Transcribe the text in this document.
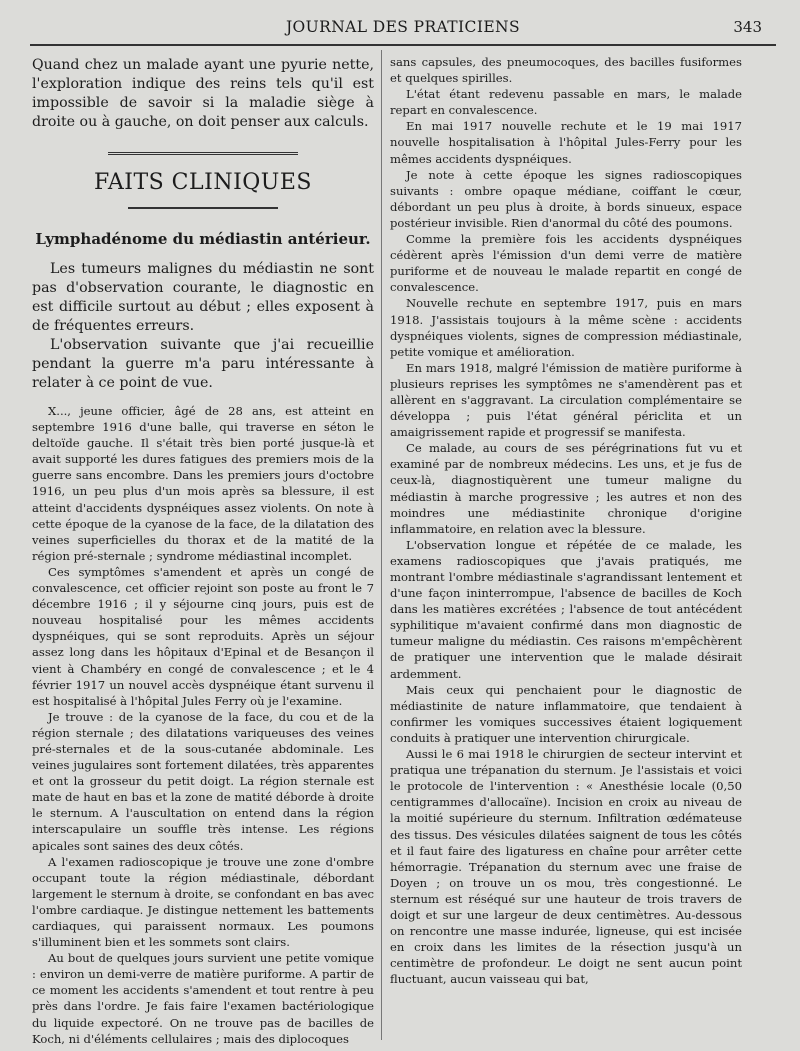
JOURNAL DES PRATICIENS	343

Quand chez un malade ayant une pyurie nette, l'exploration indique des reins tels qu'il est impossible de savoir si la maladie siège à droite ou à gauche, on doit penser aux calculs.

FAITS CLINIQUES
Lymphadénome du médiastin antérieur.

Les tumeurs malignes du médiastin ne sont pas d'observation courante, le diagnostic en est difficile surtout au début ; elles exposent à de fréquentes erreurs.

L'observation suivante que j'ai recueillie pendant la guerre m'a paru intéressante à relater à ce point de vue.

X..., jeune officier, âgé de 28 ans, est atteint en septembre 1916 d'une balle, qui traverse en séton le deltoïde gauche. Il s'était très bien porté jusque-là et avait supporté les dures fatigues des premiers mois de la guerre sans encombre. Dans les premiers jours d'octobre 1916, un peu plus d'un mois après sa blessure, il est atteint d'accidents dyspnéiques assez violents. On note à cette époque de la cyanose de la face, de la dilatation des veines superficielles du thorax et de la matité de la région pré-sternale ; syndrome médiastinal incomplet.

Ces symptômes s'amendent et après un congé de convalescence, cet officier rejoint son poste au front le 7 décembre 1916 ; il y séjourne cinq jours, puis est de nouveau hospitalisé pour les mêmes accidents dyspnéiques, qui se sont reproduits. Après un séjour assez long dans les hôpitaux d'Epinal et de Besançon il vient à Chambéry en congé de convalescence ; et le 4 février 1917 un nouvel accès dyspnéique étant survenu il est hospitalisé à l'hôpital Jules Ferry où je l'examine.

Je trouve : de la cyanose de la face, du cou et de la région sternale ; des dilatations variqueuses des veines pré-sternales et de la sous-cutanée abdominale. Les veines jugulaires sont fortement dilatées, très apparentes et ont la grosseur du petit doigt. La région sternale est mate de haut en bas et la zone de matité déborde à droite le sternum. A l'auscultation on entend dans la région interscapulaire un souffle très intense. Les régions apicales sont saines des deux côtés.

A l'examen radioscopique je trouve une zone d'ombre occupant toute la région médiastinale, débordant largement le sternum à droite, se confondant en bas avec l'ombre cardiaque. Je distingue nettement les battements cardiaques, qui paraissent normaux. Les poumons s'illuminent bien et les sommets sont clairs.

Au bout de quelques jours survient une petite vomique : environ un demi-verre de matière puriforme. A partir de ce moment les accidents s'amendent et tout rentre à peu près dans l'ordre. Je fais faire l'examen bactériologique du liquide expectoré. On ne trouve pas de bacilles de Koch, ni d'éléments cellulaires ; mais des diplocoques

sans capsules, des pneumocoques, des bacilles fusiformes et quelques spirilles.

L'état étant redevenu passable en mars, le malade repart en convalescence.

En mai 1917 nouvelle rechute et le 19 mai 1917 nouvelle hospitalisation à l'hôpital Jules-Ferry pour les mêmes accidents dyspnéiques.

Je note à cette époque les signes radioscopiques suivants : ombre opaque médiane, coiffant le cœur, débordant un peu plus à droite, à bords sinueux, espace postérieur invisible. Rien d'anormal du côté des poumons.

Comme la première fois les accidents dyspnéiques cédèrent après l'émission d'un demi verre de matière puriforme et de nouveau le malade repartit en congé de convalescence.

Nouvelle rechute en septembre 1917, puis en mars 1918. J'assistais toujours à la même scène : accidents dyspnéiques violents, signes de compression médiastinale, petite vomique et amélioration.

En mars 1918, malgré l'émission de matière puriforme à plusieurs reprises les symptômes ne s'amendèrent pas et allèrent en s'aggravant. La circulation complémentaire se développa ; puis l'état général périclita et un amaigrissement rapide et progressif se manifesta.

Ce malade, au cours de ses pérégrinations fut vu et examiné par de nombreux médecins. Les uns, et je fus de ceux-là, diagnostiquèrent une tumeur maligne du médiastin à marche progressive ; les autres et non des moindres une médiastinite chronique d'origine inflammatoire, en relation avec la blessure.

L'observation longue et répétée de ce malade, les examens radioscopiques que j'avais pratiqués, me montrant l'ombre médiastinale s'agrandissant lentement et d'une façon ininterrompue, l'absence de bacilles de Koch dans les matières excrétées ; l'absence de tout antécédent syphilitique m'avaient confirmé dans mon diagnostic de tumeur maligne du médiastin. Ces raisons m'empêchèrent de pratiquer une intervention que le malade désirait ardemment.

Mais ceux qui penchaient pour le diagnostic de médiastinite de nature inflammatoire, que tendaient à confirmer les vomiques successives étaient logiquement conduits à pratiquer une intervention chirurgicale.

Aussi le 6 mai 1918 le chirurgien de secteur intervint et pratiqua une trépanation du sternum. Je l'assistais et voici le protocole de l'intervention : « Anesthésie locale (0,50 centigrammes d'allocaïne). Incision en croix au niveau de la moitié supérieure du sternum. Infiltration œdémateuse des tissus. Des vésicules dilatées saignent de tous les côtés et il faut faire des ligaturess en chaîne pour arrêter cette hémorragie. Trépanation du sternum avec une fraise de Doyen ; on trouve un os mou, très congestionné. Le sternum est réséqué sur une hauteur de trois travers de doigt et sur une largeur de deux centimètres. Au-dessous on rencontre une masse indurée, ligneuse, qui est incisée en croix dans les limites de la résection jusqu'à un centimètre de profondeur. Le doigt ne sent aucun point fluctuant, aucun vaisseau qui bat,
